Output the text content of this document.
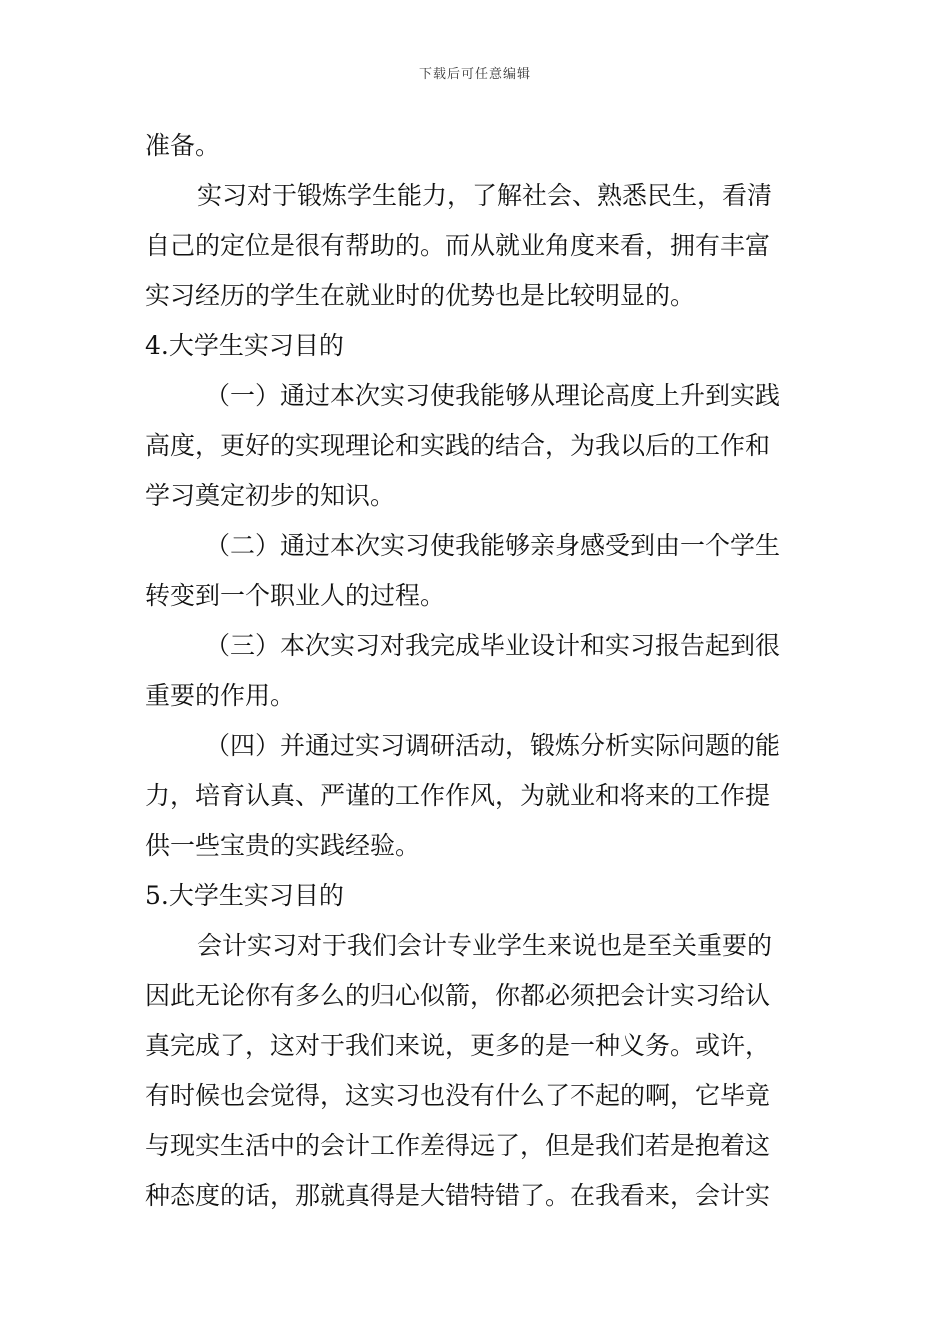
下载后可任意编辑
准备。
实习对于锻炼学生能力，了解社会、熟悉民生，看清
自己的定位是很有帮助的。而从就业角度来看，拥有丰富
实习经历的学生在就业时的优势也是比较明显的。
4.大学生实习目的
（一）通过本次实习使我能够从理论高度上升到实践
高度，更好的实现理论和实践的结合，为我以后的工作和
学习奠定初步的知识。
（二）通过本次实习使我能够亲身感受到由一个学生
转变到一个职业人的过程。
（三）本次实习对我完成毕业设计和实习报告起到很
重要的作用。
（四）并通过实习调研活动，锻炼分析实际问题的能
力，培育认真、严谨的工作作风，为就业和将来的工作提
供一些宝贵的实践经验。
5.大学生实习目的
会计实习对于我们会计专业学生来说也是至关重要的
因此无论你有多么的归心似箭，你都必须把会计实习给认
真完成了，这对于我们来说，更多的是一种义务。或许，
有时候也会觉得，这实习也没有什么了不起的啊，它毕竟
与现实生活中的会计工作差得远了，但是我们若是抱着这
种态度的话，那就真得是大错特错了。在我看来，会计实
